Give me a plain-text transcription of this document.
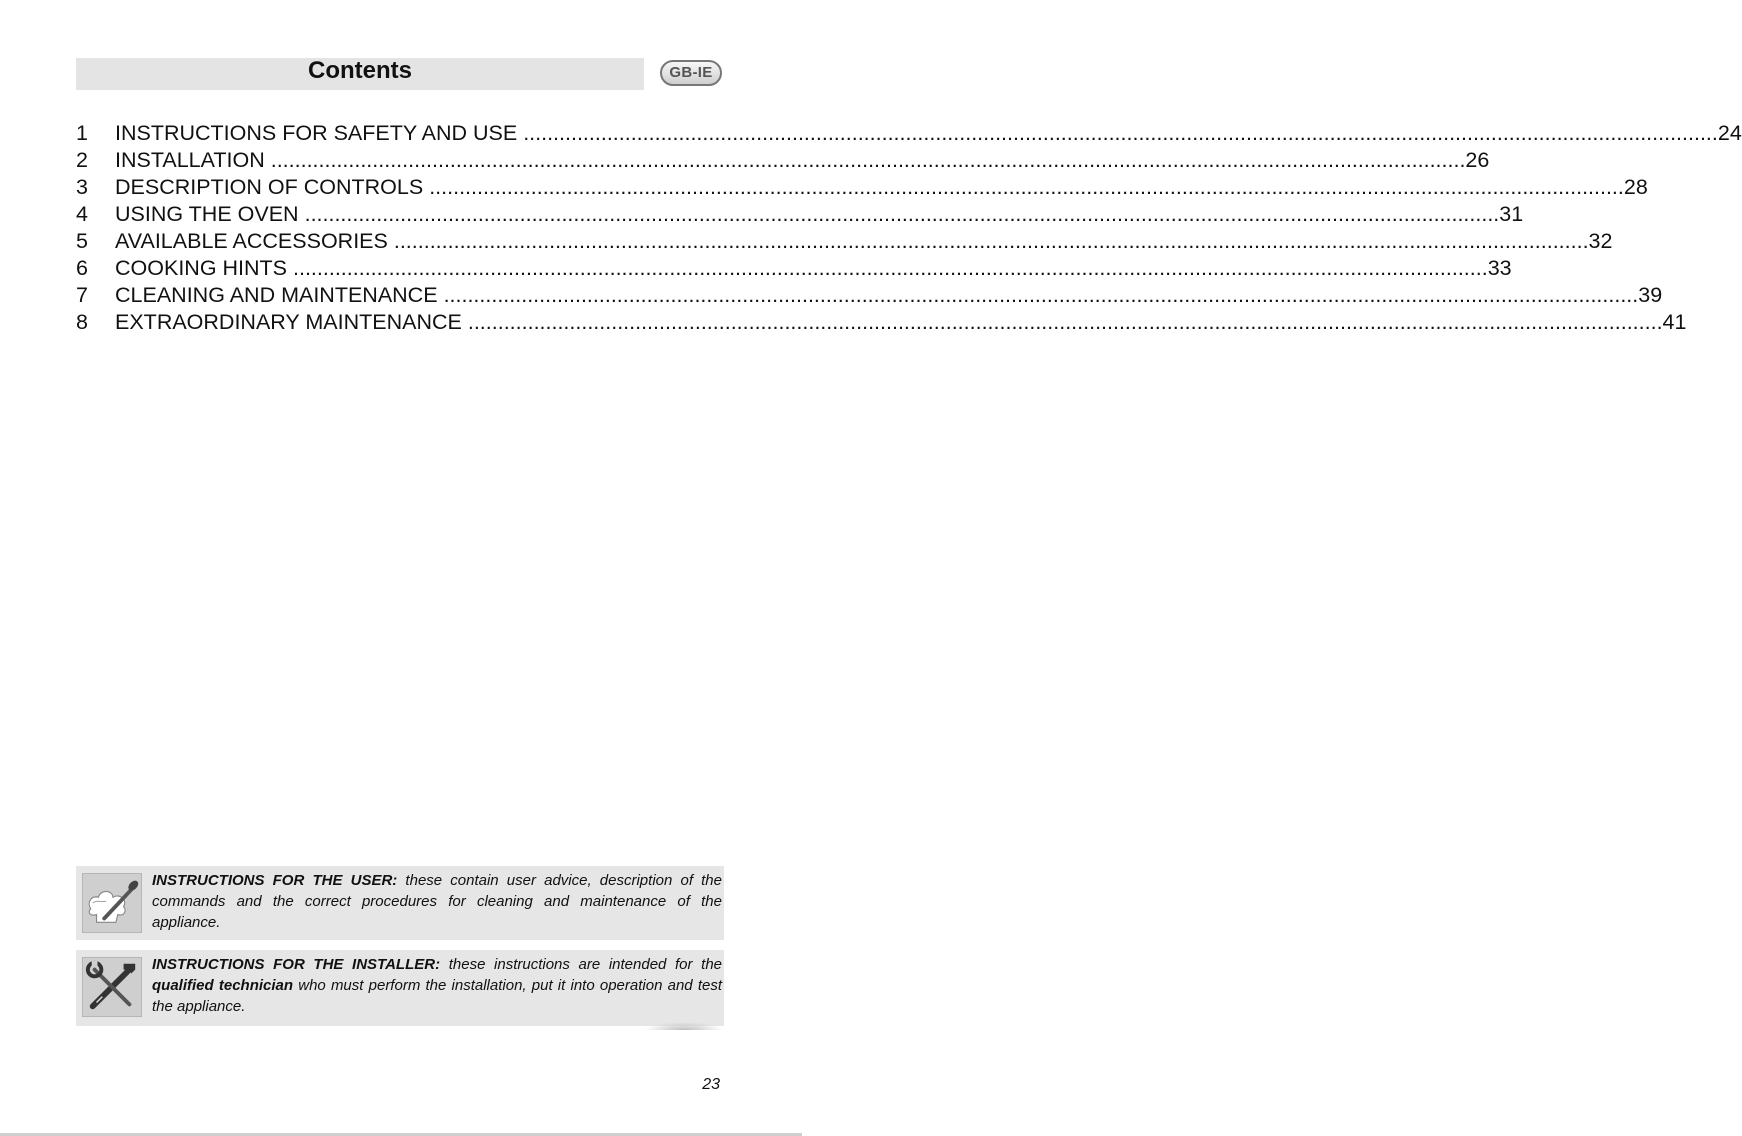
Contents	GB-IE
1	INSTRUCTIONS FOR SAFETY AND USE ........................................................................................................................................................................................................ 24
2	INSTALLATION ........................................................................................................................................................................................................ 26
3	DESCRIPTION OF CONTROLS ........................................................................................................................................................................................................ 28
4	USING THE OVEN ........................................................................................................................................................................................................ 31
5	AVAILABLE ACCESSORIES ........................................................................................................................................................................................................ 32
6	COOKING HINTS ........................................................................................................................................................................................................ 33
7	CLEANING AND MAINTENANCE ........................................................................................................................................................................................................ 39
8	EXTRAORDINARY MAINTENANCE ........................................................................................................................................................................................................ 41
INSTRUCTIONS FOR THE USER: these contain user advice, description of the commands and the correct procedures for cleaning and maintenance of the appliance.
INSTRUCTIONS FOR THE INSTALLER: these instructions are intended for the qualified technician who must perform the installation, put it into operation and test the appliance.
23
